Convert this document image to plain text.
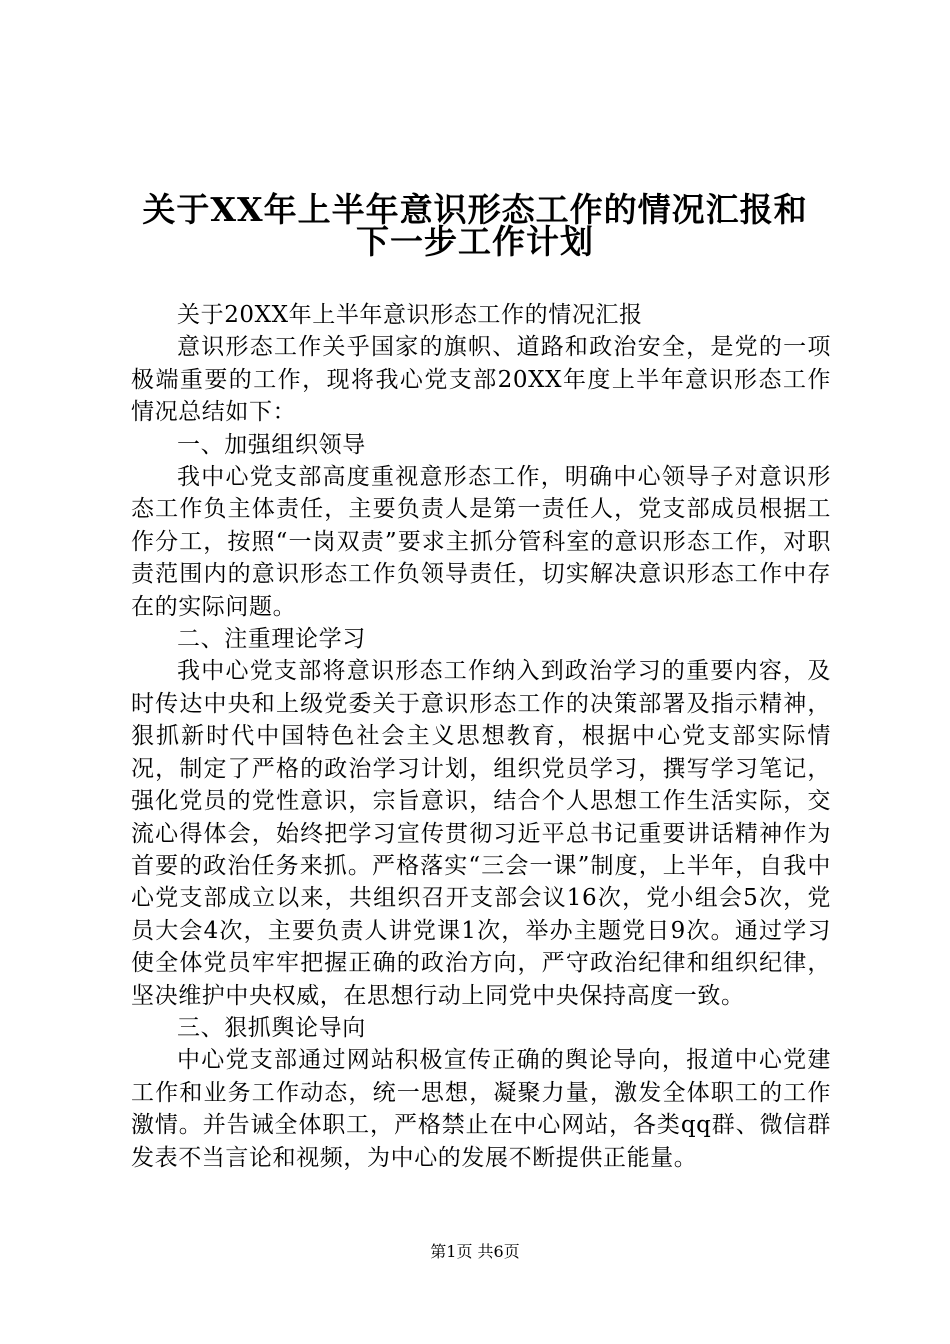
关于XX年上半年意识形态工作的情况汇报和
下一步工作计划

关于20XX年上半年意识形态工作的情况汇报

意识形态工作关乎国家的旗帜、道路和政治安全，是党的一项极端重要的工作，现将我心党支部20XX年度上半年意识形态工作情况总结如下：

一、加强组织领导

我中心党支部高度重视意形态工作，明确中心领导子对意识形态工作负主体责任，主要负责人是第一责任人，党支部成员根据工作分工，按照“一岗双责”要求主抓分管科室的意识形态工作，对职责范围内的意识形态工作负领导责任，切实解决意识形态工作中存在的实际问题。

二、注重理论学习

我中心党支部将意识形态工作纳入到政治学习的重要内容，及时传达中央和上级党委关于意识形态工作的决策部署及指示精神，狠抓新时代中国特色社会主义思想教育，根据中心党支部实际情况，制定了严格的政治学习计划，组织党员学习，撰写学习笔记，强化党员的党性意识，宗旨意识，结合个人思想工作生活实际，交流心得体会，始终把学习宣传贯彻习近平总书记重要讲话精神作为首要的政治任务来抓。严格落实“三会一课”制度，上半年，自我中心党支部成立以来，共组织召开支部会议16次，党小组会5次，党员大会4次，主要负责人讲党课1次，举办主题党日9次。通过学习使全体党员牢牢把握正确的政治方向，严守政治纪律和组织纪律，坚决维护中央权威，在思想行动上同党中央保持高度一致。

三、狠抓舆论导向

中心党支部通过网站积极宣传正确的舆论导向，报道中心党建工作和业务工作动态，统一思想，凝聚力量，激发全体职工的工作激情。并告诫全体职工，严格禁止在中心网站，各类qq群、微信群发表不当言论和视频，为中心的发展不断提供正能量。

第1页 共6页
